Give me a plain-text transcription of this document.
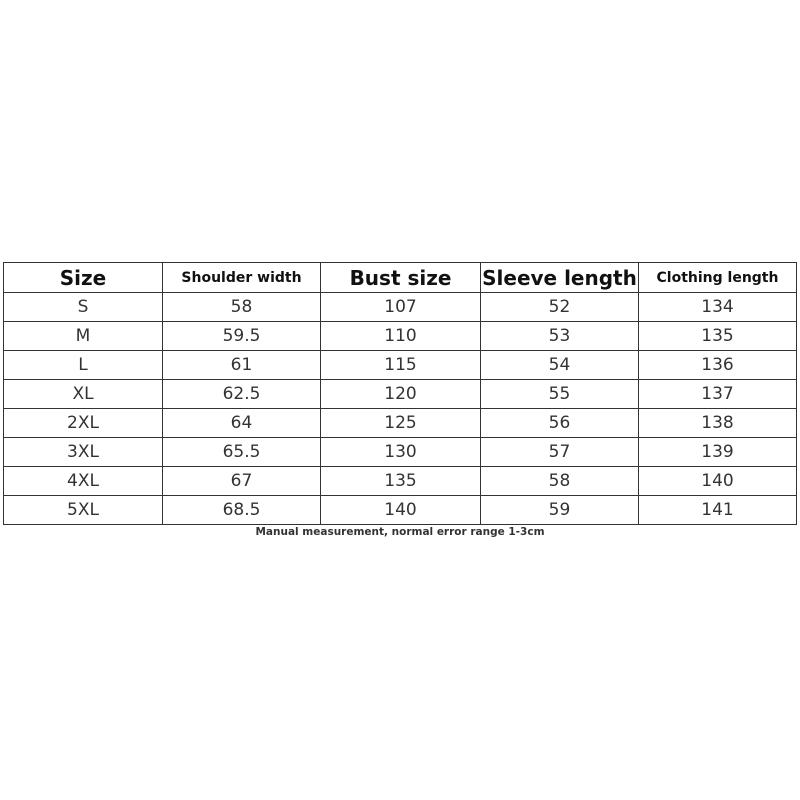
Size	Shoulder width	Bust size	Sleeve length	Clothing length
S	58	107	52	134
M	59.5	110	53	135
L	61	115	54	136
XL	62.5	120	55	137
2XL	64	125	56	138
3XL	65.5	130	57	139
4XL	67	135	58	140
5XL	68.5	140	59	141
Manual measurement, normal error range 1-3cm
